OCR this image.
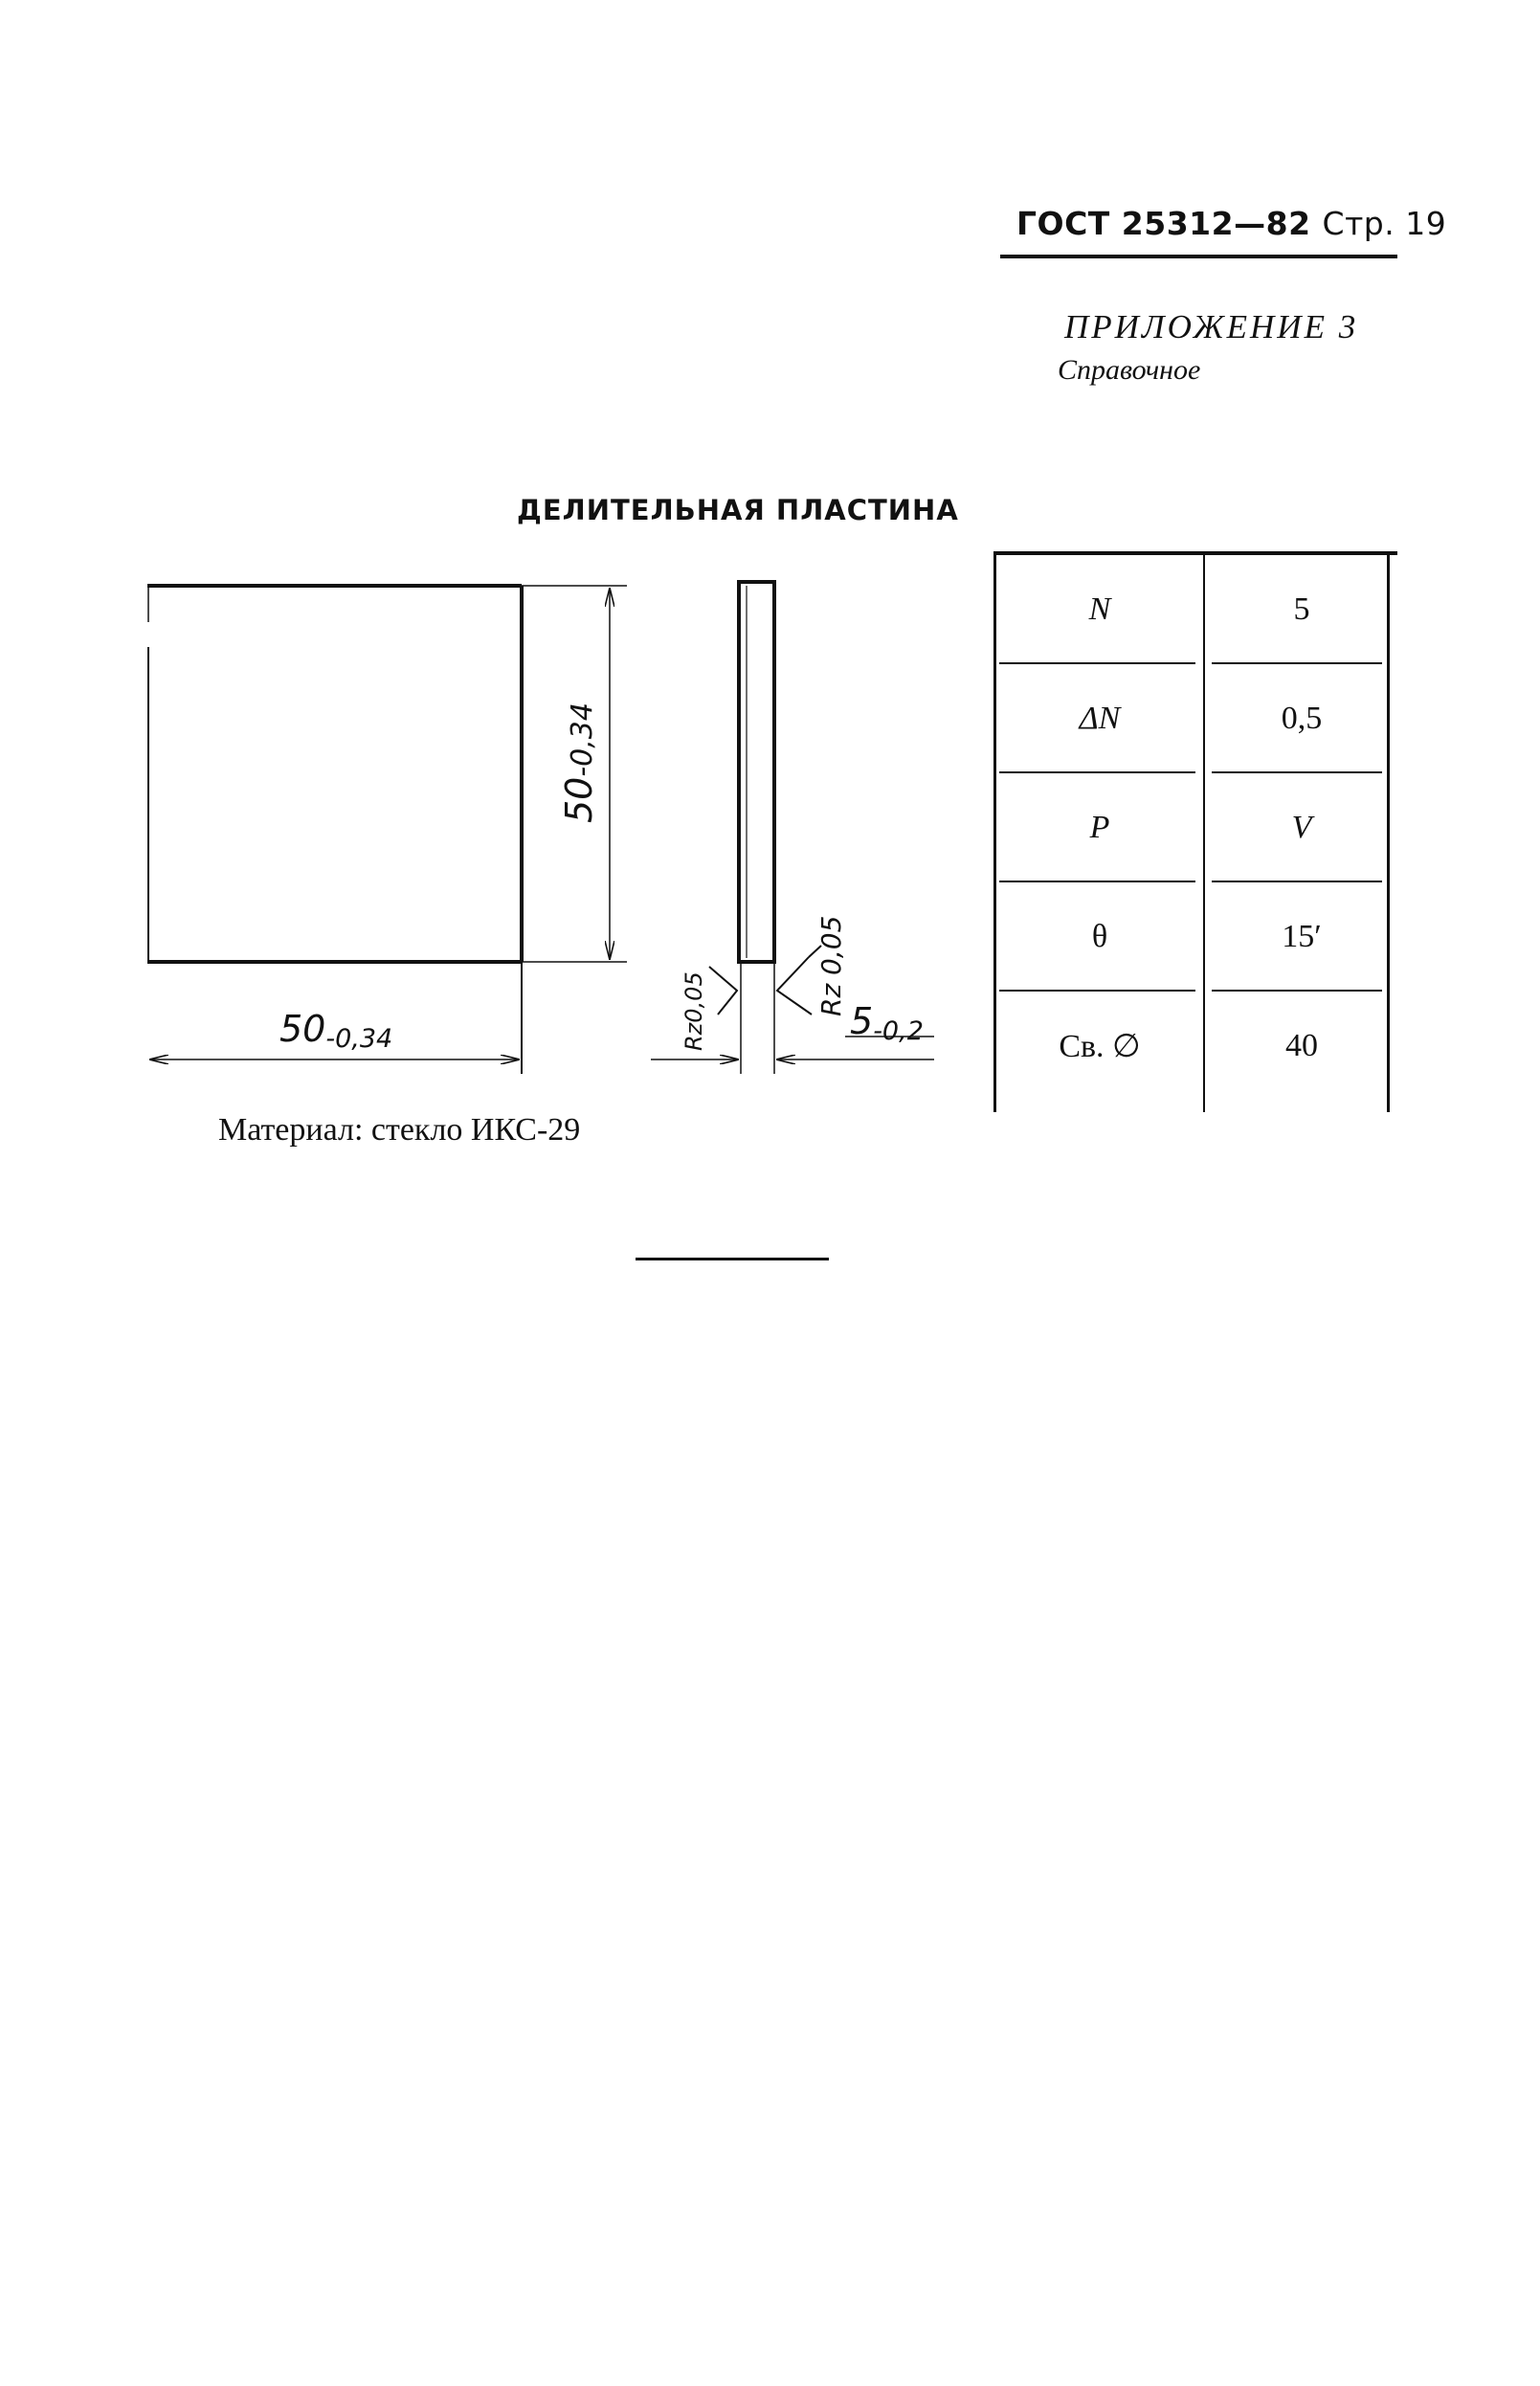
ГОСТ 25312—82 Стр. 19
ПРИЛОЖЕНИЕ 3
Справочное
ДЕЛИТЕЛЬНАЯ ПЛАСТИНА
50-0,34
50-0,34	5-0,2
Rz0,05	Rz 0,05
N	5
ΔN	0,5
P	V
θ	15′
Св. ∅	40
Материал: стекло ИКС-29
